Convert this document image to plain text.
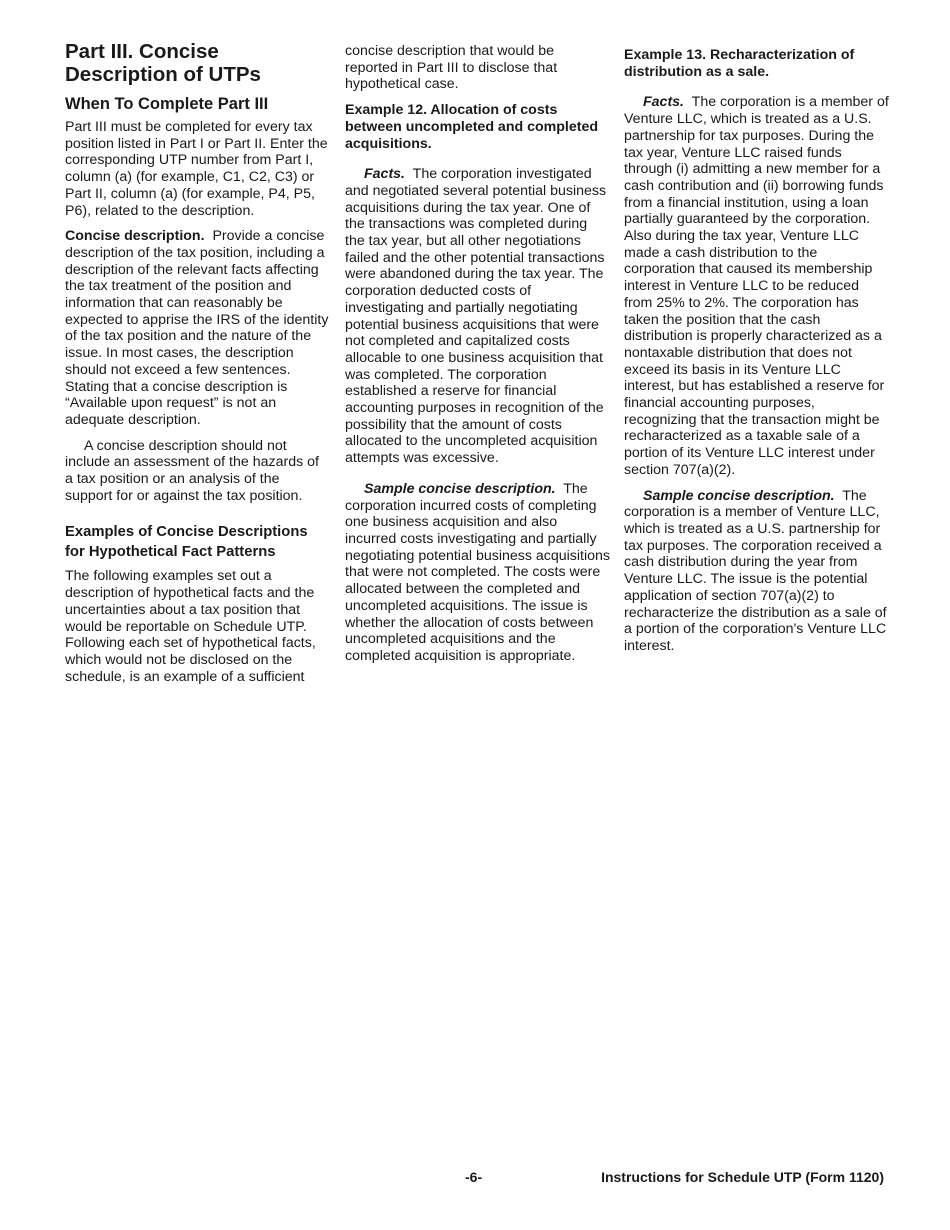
Part III. Concise Description of UTPs
When To Complete Part III

Part III must be completed for every tax position listed in Part I or Part II. Enter the corresponding UTP number from Part I, column (a) (for example, C1, C2, C3) or Part II, column (a) (for example, P4, P5, P6), related to the description.

Concise description. Provide a concise description of the tax position, including a description of the relevant facts affecting the tax treatment of the position and information that can reasonably be expected to apprise the IRS of the identity of the tax position and the nature of the issue. In most cases, the description should not exceed a few sentences. Stating that a concise description is “Available upon request” is not an adequate description.

A concise description should not include an assessment of the hazards of a tax position or an analysis of the support for or against the tax position.

Examples of Concise Descriptions for Hypothetical Fact Patterns

The following examples set out a description of hypothetical facts and the uncertainties about a tax position that would be reportable on Schedule UTP. Following each set of hypothetical facts, which would not be disclosed on the schedule, is an example of a sufficient

concise description that would be reported in Part III to disclose that hypothetical case.

Example 12. Allocation of costs between uncompleted and completed acquisitions.

Facts. The corporation investigated and negotiated several potential business acquisitions during the tax year. One of the transactions was completed during the tax year, but all other negotiations failed and the other potential transactions were abandoned during the tax year. The corporation deducted costs of investigating and partially negotiating potential business acquisitions that were not completed and capitalized costs allocable to one business acquisition that was completed. The corporation established a reserve for financial accounting purposes in recognition of the possibility that the amount of costs allocated to the uncompleted acquisition attempts was excessive.

Sample concise description. The corporation incurred costs of completing one business acquisition and also incurred costs investigating and partially negotiating potential business acquisitions that were not completed. The costs were allocated between the completed and uncompleted acquisitions. The issue is whether the allocation of costs between uncompleted acquisitions and the completed acquisition is appropriate.

Example 13. Recharacterization of distribution as a sale.

Facts. The corporation is a member of Venture LLC, which is treated as a U.S. partnership for tax purposes. During the tax year, Venture LLC raised funds through (i) admitting a new member for a cash contribution and (ii) borrowing funds from a financial institution, using a loan partially guaranteed by the corporation. Also during the tax year, Venture LLC made a cash distribution to the corporation that caused its membership interest in Venture LLC to be reduced from 25% to 2%. The corporation has taken the position that the cash distribution is properly characterized as a nontaxable distribution that does not exceed its basis in its Venture LLC interest, but has established a reserve for financial accounting purposes, recognizing that the transaction might be recharacterized as a taxable sale of a portion of its Venture LLC interest under section 707(a)(2).

Sample concise description. The corporation is a member of Venture LLC, which is treated as a U.S. partnership for tax purposes. The corporation received a cash distribution during the year from Venture LLC. The issue is the potential application of section 707(a)(2) to recharacterize the distribution as a sale of a portion of the corporation's Venture LLC interest.

-6-	Instructions for Schedule UTP (Form 1120)
